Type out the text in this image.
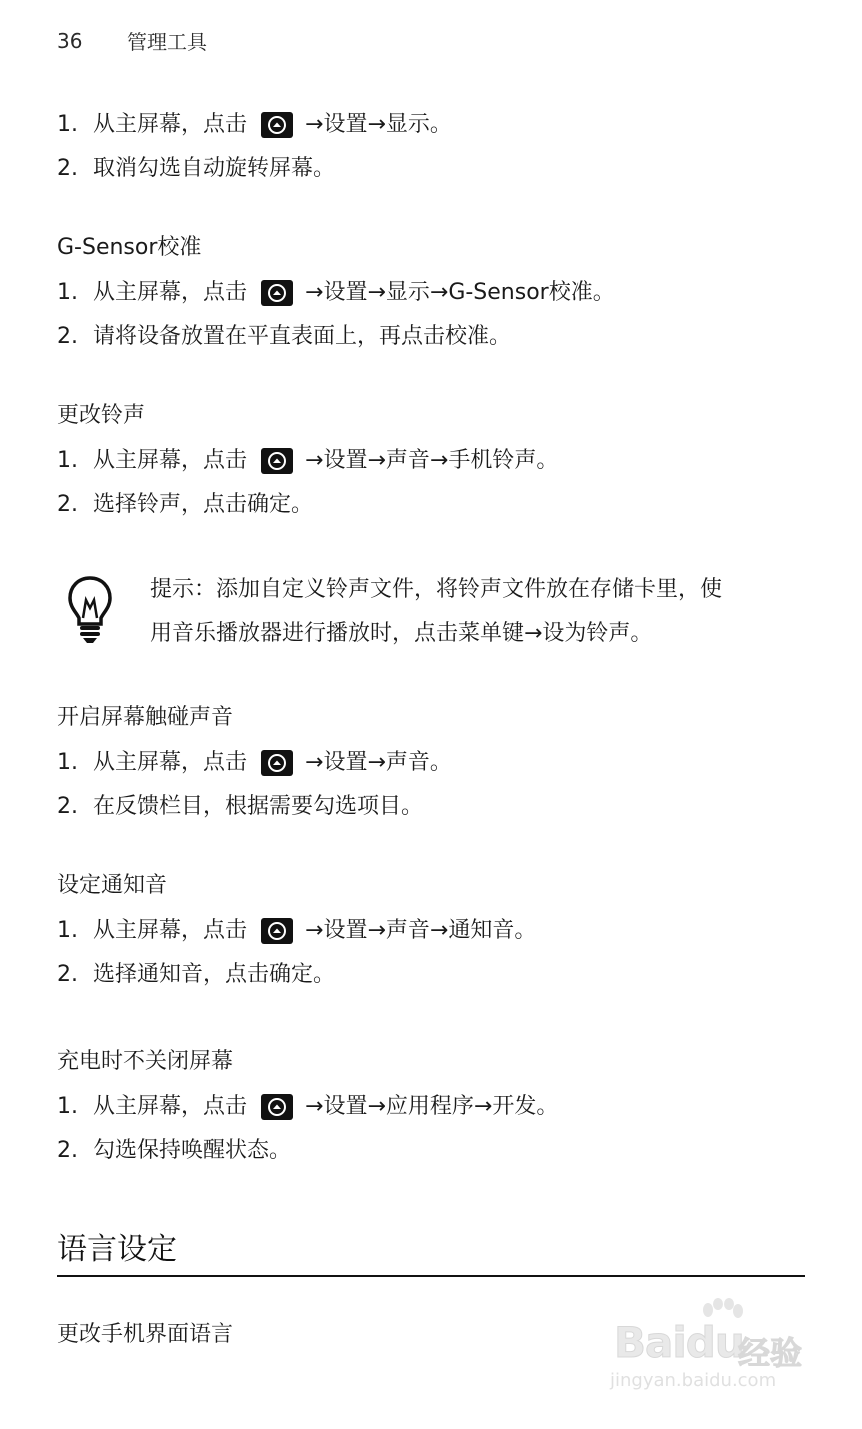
36	管理工具
1. 从主屏幕，点击	→设置→显示。
2. 取消勾选自动旋转屏幕。
G-Sensor校准
1. 从主屏幕，点击	→设置→显示→G-Sensor校准。
2. 请将设备放置在平直表面上，再点击校准。
更改铃声
1. 从主屏幕，点击	→设置→声音→手机铃声。
2. 选择铃声，点击确定。
提示：添加自定义铃声文件，将铃声文件放在存储卡里，使
用音乐播放器进行播放时，点击菜单键→设为铃声。
开启屏幕触碰声音
1. 从主屏幕，点击	→设置→声音。
2. 在反馈栏目，根据需要勾选项目。
设定通知音
1. 从主屏幕，点击	→设置→声音→通知音。
2. 选择通知音，点击确定。
充电时不关闭屏幕
1. 从主屏幕，点击	→设置→应用程序→开发。
2. 勾选保持唤醒状态。
语言设定
更改手机界面语言	Baidu
经验
jingyan.baidu.com
